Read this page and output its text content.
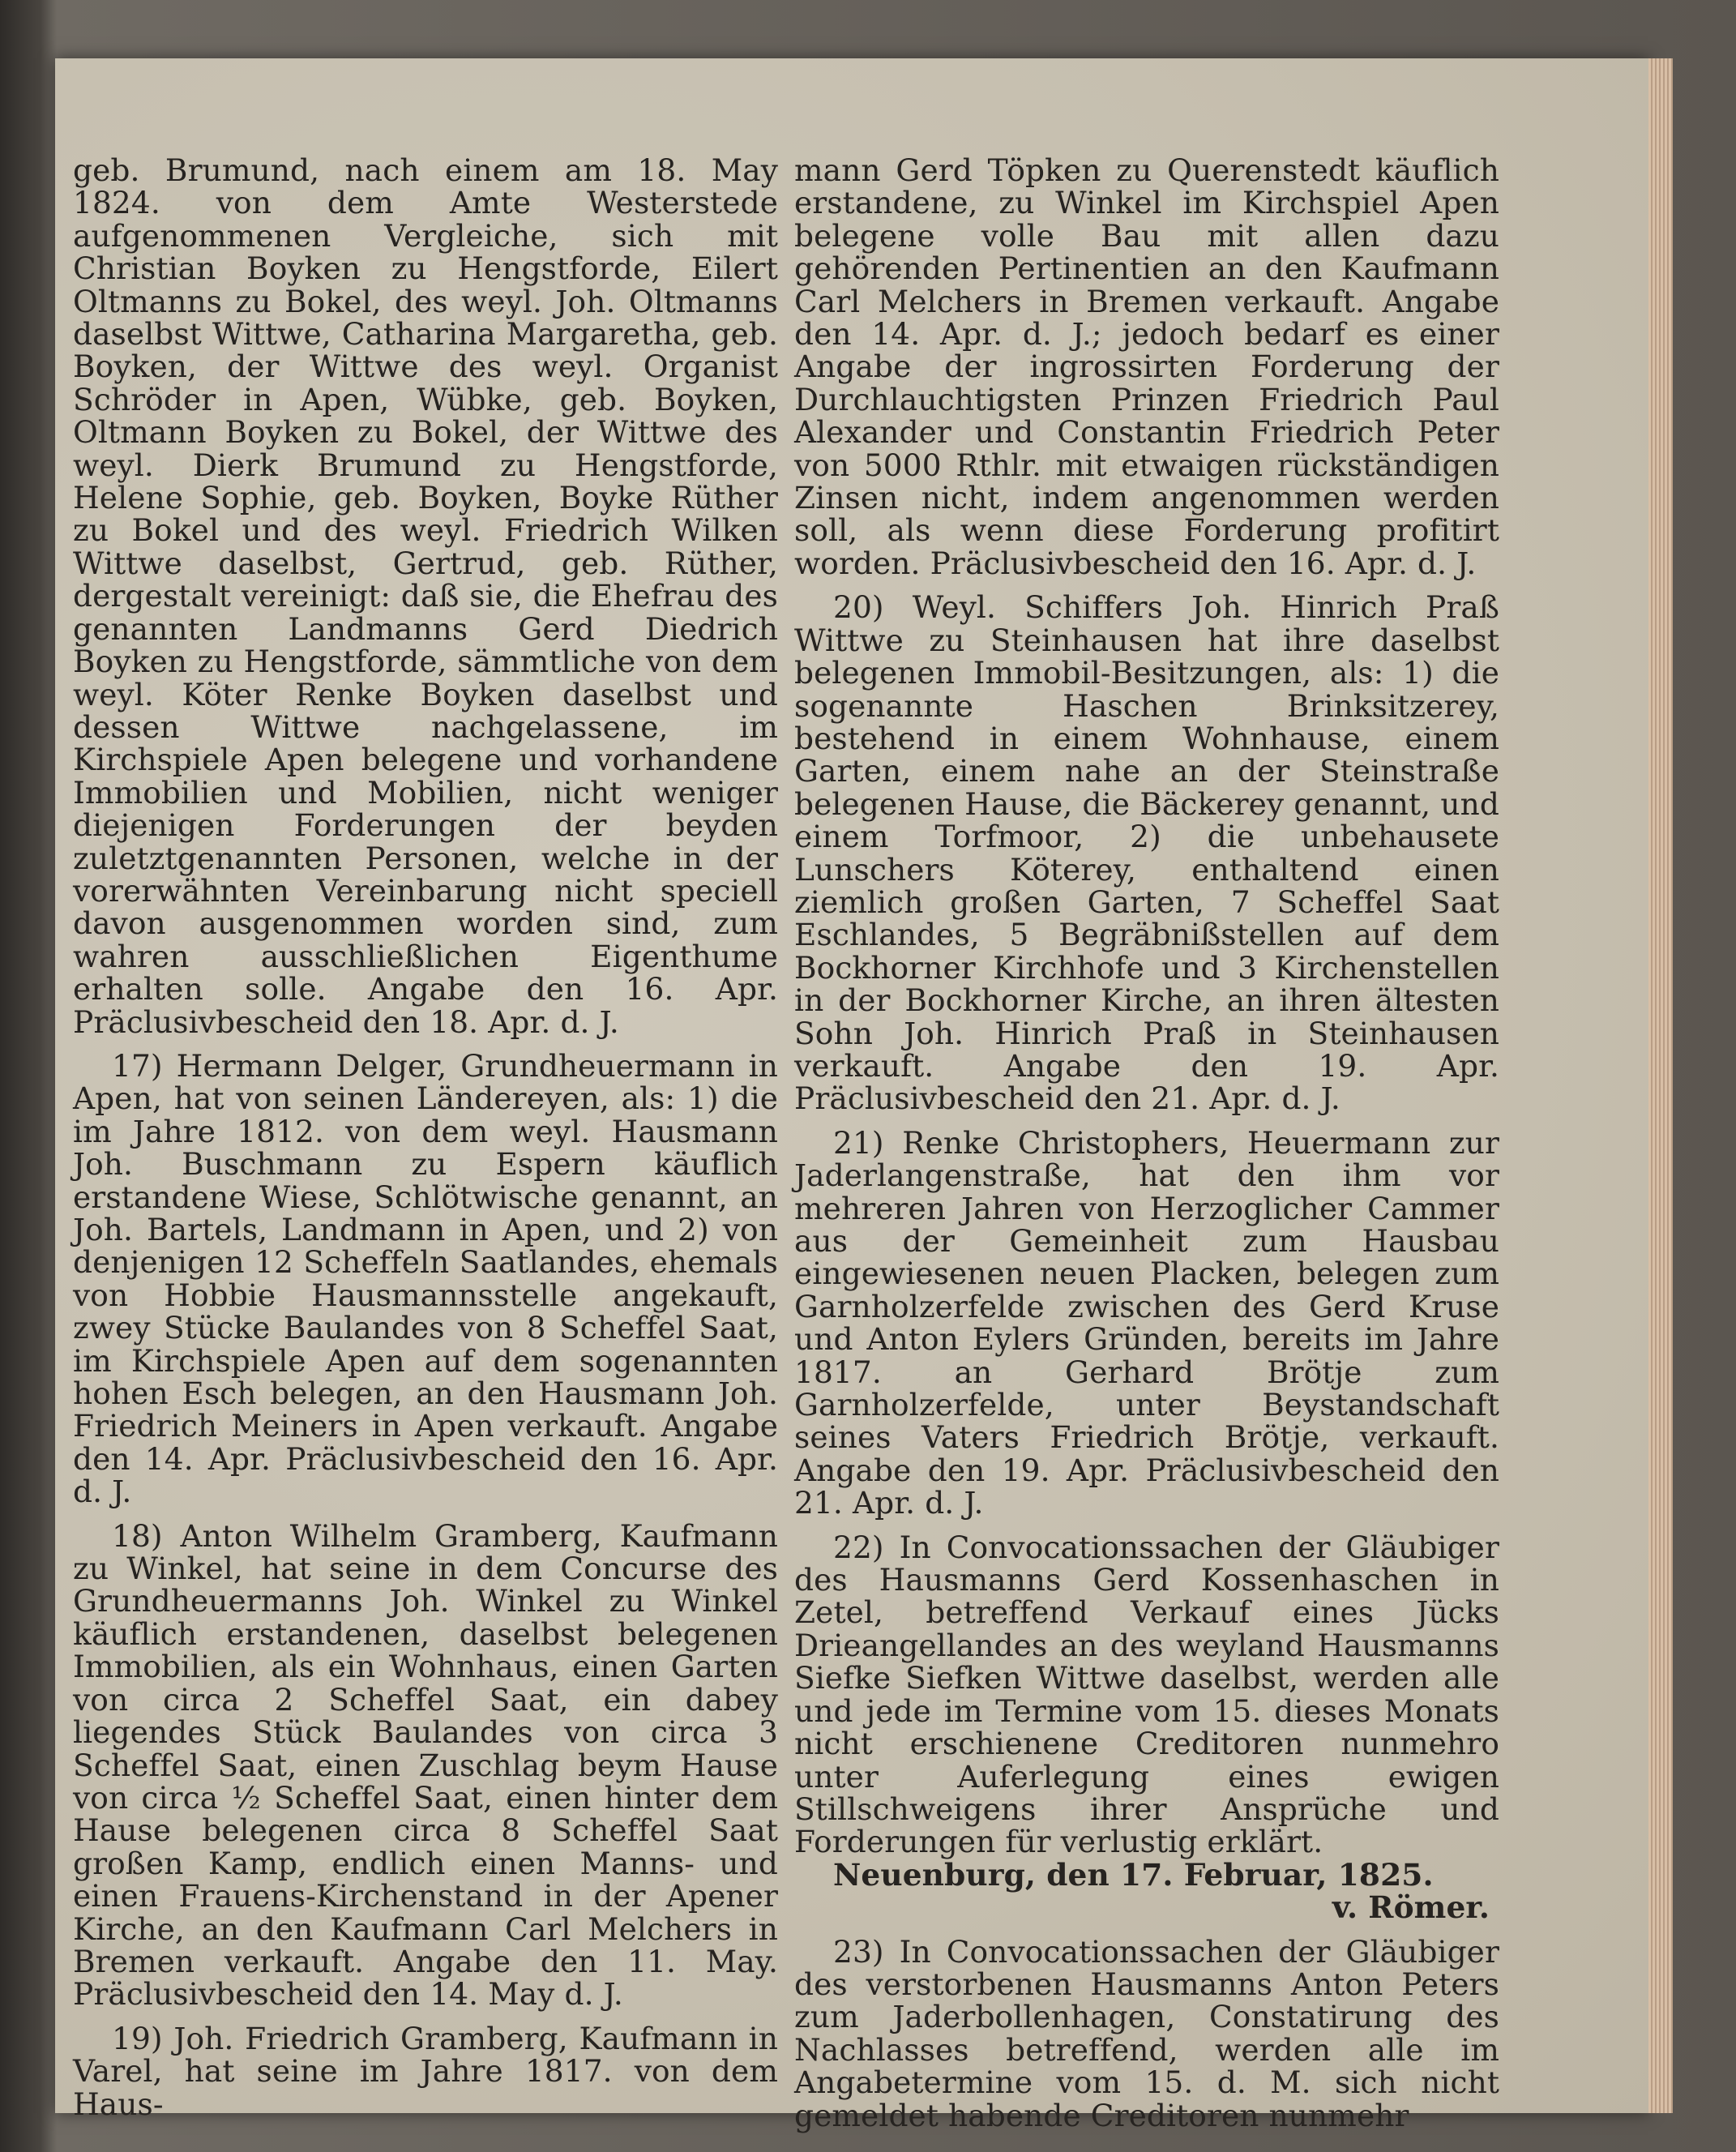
geb. Brumund, nach einem am 18. May 1824. von dem Amte Westerstede aufgenommenen Vergleiche, sich mit Christian Boyken zu Hengstforde, Eilert Oltmanns zu Bokel, des weyl. Joh. Oltmanns daselbst Wittwe, Catharina Margaretha, geb. Boyken, der Wittwe des weyl. Organist Schröder in Apen, Wübke, geb. Boyken, Oltmann Boyken zu Bokel, der Wittwe des weyl. Dierk Brumund zu Hengstforde, Helene Sophie, geb. Boyken, Boyke Rüther zu Bokel und des weyl. Friedrich Wilken Wittwe daselbst, Gertrud, geb. Rüther, dergestalt vereinigt: daß sie, die Ehefrau des genannten Landmanns Gerd Diedrich Boyken zu Hengstforde, sämmtliche von dem weyl. Köter Renke Boyken daselbst und dessen Wittwe nachgelassene, im Kirchspiele Apen belegene und vorhandene Immobilien und Mobilien, nicht weniger diejenigen Forderungen der beyden zuletztgenannten Personen, welche in der vorerwähnten Vereinbarung nicht speciell davon ausgenommen worden sind, zum wahren ausschließlichen Eigenthume erhalten solle. Angabe den 16. Apr. Präclusivbescheid den 18. Apr. d. J.

17) Hermann Delger, Grundheuermann in Apen, hat von seinen Ländereyen, als: 1) die im Jahre 1812. von dem weyl. Hausmann Joh. Buschmann zu Espern käuflich erstandene Wiese, Schlötwische genannt, an Joh. Bartels, Landmann in Apen, und 2) von denjenigen 12 Scheffeln Saatlandes, ehemals von Hobbie Hausmannsstelle angekauft, zwey Stücke Baulandes von 8 Scheffel Saat, im Kirchspiele Apen auf dem sogenannten hohen Esch belegen, an den Hausmann Joh. Friedrich Meiners in Apen verkauft. Angabe den 14. Apr. Präclusivbescheid den 16. Apr. d. J.

18) Anton Wilhelm Gramberg, Kaufmann zu Winkel, hat seine in dem Concurse des Grundheuermanns Joh. Winkel zu Winkel käuflich erstandenen, daselbst belegenen Immobilien, als ein Wohnhaus, einen Garten von circa 2 Scheffel Saat, ein dabey liegendes Stück Baulandes von circa 3 Scheffel Saat, einen Zuschlag beym Hause von circa ½ Scheffel Saat, einen hinter dem Hause belegenen circa 8 Scheffel Saat großen Kamp, endlich einen Manns- und einen Frauens-Kirchenstand in der Apener Kirche, an den Kaufmann Carl Melchers in Bremen verkauft. Angabe den 11. May. Präclusivbescheid den 14. May d. J.

19) Joh. Friedrich Gramberg, Kaufmann in Varel, hat seine im Jahre 1817. von dem Haus-

mann Gerd Töpken zu Querenstedt käuflich erstandene, zu Winkel im Kirchspiel Apen belegene volle Bau mit allen dazu gehörenden Pertinentien an den Kaufmann Carl Melchers in Bremen verkauft. Angabe den 14. Apr. d. J.; jedoch bedarf es einer Angabe der ingrossirten Forderung der Durchlauchtigsten Prinzen Friedrich Paul Alexander und Constantin Friedrich Peter von 5000 Rthlr. mit etwaigen rückständigen Zinsen nicht, indem angenommen werden soll, als wenn diese Forderung profitirt worden. Präclusivbescheid den 16. Apr. d. J.

20) Weyl. Schiffers Joh. Hinrich Praß Wittwe zu Steinhausen hat ihre daselbst belegenen Immobil-Besitzungen, als: 1) die sogenannte Haschen Brinksitzerey, bestehend in einem Wohnhause, einem Garten, einem nahe an der Steinstraße belegenen Hause, die Bäckerey genannt, und einem Torfmoor, 2) die unbehausete Lunschers Köterey, enthaltend einen ziemlich großen Garten, 7 Scheffel Saat Eschlandes, 5 Begräbnißstellen auf dem Bockhorner Kirchhofe und 3 Kirchenstellen in der Bockhorner Kirche, an ihren ältesten Sohn Joh. Hinrich Praß in Steinhausen verkauft. Angabe den 19. Apr. Präclusivbescheid den 21. Apr. d. J.

21) Renke Christophers, Heuermann zur Jaderlangenstraße, hat den ihm vor mehreren Jahren von Herzoglicher Cammer aus der Gemeinheit zum Hausbau eingewiesenen neuen Placken, belegen zum Garnholzerfelde zwischen des Gerd Kruse und Anton Eylers Gründen, bereits im Jahre 1817. an Gerhard Brötje zum Garnholzerfelde, unter Beystandschaft seines Vaters Friedrich Brötje, verkauft. Angabe den 19. Apr. Präclusivbescheid den 21. Apr. d. J.

22) In Convocationssachen der Gläubiger des Hausmanns Gerd Kossenhaschen in Zetel, betreffend Verkauf eines Jücks Drieangellandes an des weyland Hausmanns Siefke Siefken Wittwe daselbst, werden alle und jede im Termine vom 15. dieses Monats nicht erschienene Creditoren nunmehro unter Auferlegung eines ewigen Stillschweigens ihrer Ansprüche und Forderungen für verlustig erklärt.

Neuenburg, den 17. Februar, 1825.

v. Römer.

23) In Convocationssachen der Gläubiger des verstorbenen Hausmanns Anton Peters zum Jaderbollenhagen, Constatirung des Nachlasses betreffend, werden alle im Angabetermine vom 15. d. M. sich nicht gemeldet habende Creditoren nunmehr
